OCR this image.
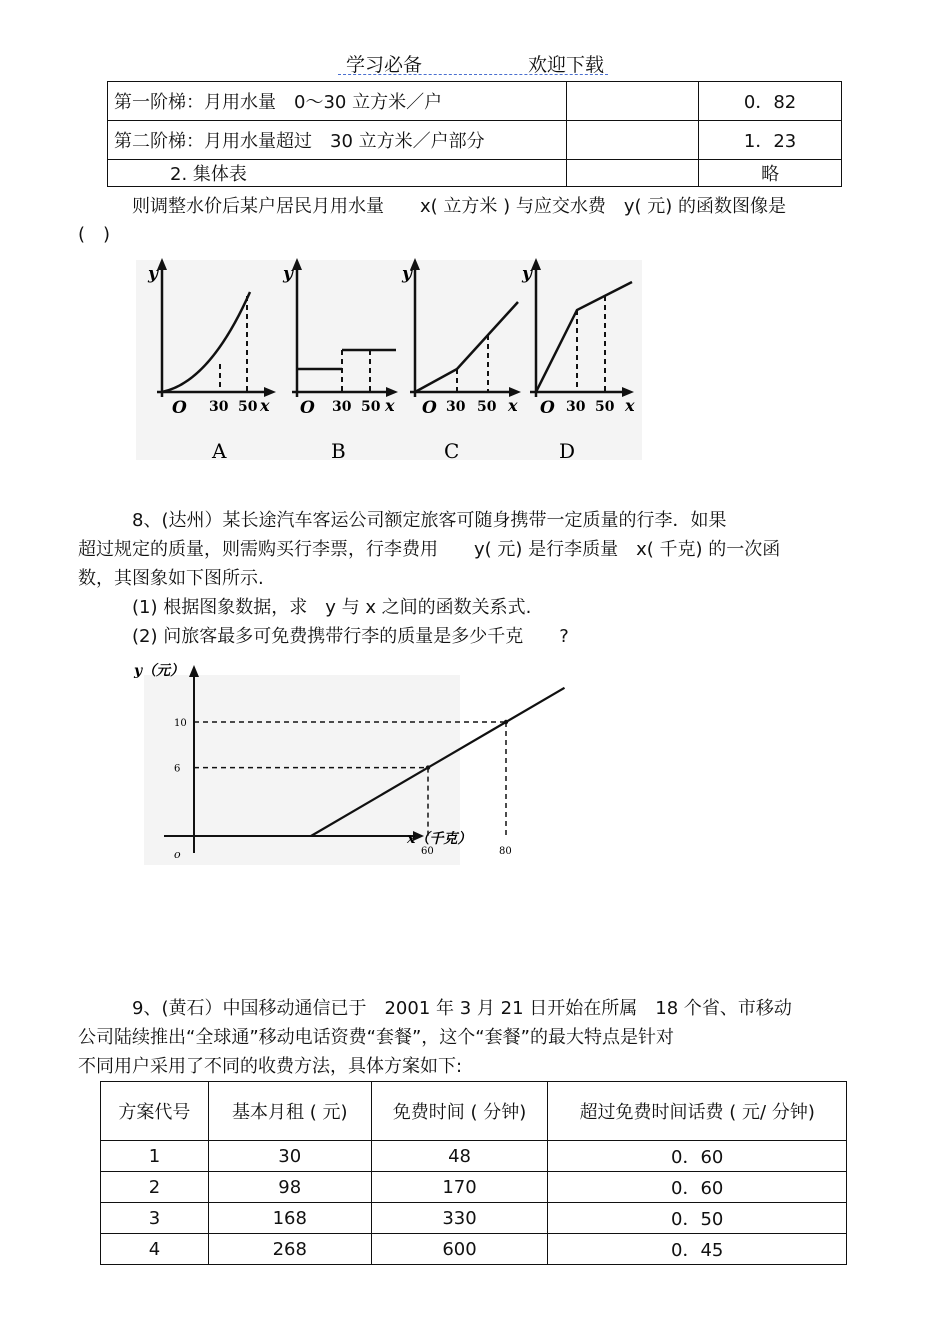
学习必备	欢迎下载
第一阶梯：月用水量　0～30 立方米／户		0．82
第二阶梯：月用水量超过　30 立方米／户部分		1．23
2. 集体表		略
则调整水价后某户居民月用水量　　x( 立方米 ) 与应交水费　y( 元) 的函数图像是
(　)
y
O 30 50 x
A
y
O 30 50 x
B
y
O 30 50 x
C
y
O 30 50 x
D
8、(达州）某长途汽车客运公司额定旅客可随身携带一定质量的行李．如果
超过规定的质量，则需购买行李票，行李费用　　y( 元) 是行李质量　x( 千克) 的一次函
数，其图象如下图所示.
(1) 根据图象数据，求　y 与 x 之间的函数关系式.
(2) 问旅客最多可免费携带行李的质量是多少千克　　?
y（元）
x（千克）
o	60
6
80
10
9、(黄石）中国移动通信已于　2001 年 3 月 21 日开始在所属　18 个省、市移动
公司陆续推出“全球通”移动电话资费“套餐”，这个“套餐”的最大特点是针对
不同用户采用了不同的收费方法，具体方案如下:
方案代号	基本月租 ( 元)	免费时间 ( 分钟)	超过免费时间话费 ( 元/ 分钟)
1	30	48	0．60
2	98	170	0．60
3	168	330	0．50
4	268	600	0．45
